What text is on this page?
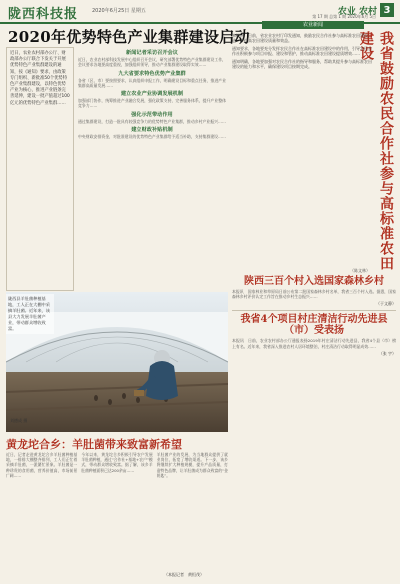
陇西科技报	2020年6月25日 星期五	农业 农村 3
第 17 期 总第 1 期 2020年6月 5日
2020年优势特色产业集群建设启动
近日，农业农村部办公厅、财政部办公厅联合下发关于开展优势特色产业集群建设的通知，按《通知》要求，由政策专门组织、新批准50个优势特色产业集群建设，以特色优势产业为核心，推进产业链条完善延伸，建设一批产值超过100亿元的优势特色产业集群……
新闻记者采访召开会议
近日，农业农村部科技发展中心组织召开会议，研究部署优势特色产业集群建设工作，会议要求各地要高度重视，加强组织领导，推动产业集群建设取得实效……
九大省要求特色优势产业集群
各省（区、市）要按照要求，认真组织申报工作，明确建设目标和重点任务，推进产业集群高质量发展……
建立农业产业协调发展机制
加强部门协作，统筹推进产业融合发展，强化政策支持，完善服务体系，提升产业整体竞争力……
强化示范带动作用
通过集群建设，打造一批具有较强竞争力的优势特色产业集群，推动乡村产业振兴……
建立财政补贴机制
中央财政安排资金，对批准建设的优势特色产业集群给予适当补助，支持集群建设……
农业新闻
我省鼓励农民合作社参与高标准农田建设

本报讯　日前，省农业农村厅印发通知，鼓励农民合作社参与高标准农田建设，进一步提高农田建设质量和效益。

通知要求，各地要充分发挥农民合作社在高标准农田建设中的作用，引导农民合作社积极参与项目申报、建设和管护，推动高标准农田建设提质增效……

通知明确，各地要加强对农民合作社的指导和服务，帮助其提升参与高标准农田建设的能力和水平，确保建设项目按期完成。

（陈文林）
陇西县羊肚菌种植基地，工人正在大棚中采摘羊肚菌。近年来，该县大力发展羊肚菌产业，带动群众增收致富。
刘德成 摄
黄龙坨合乡：羊肚菌带来致富新希望
近日，记者走进黄龙坨合乡羊肚菌种植基地，一排排大棚整齐排列，工人们正忙着采摘羊肚菌，一派繁忙景象。羊肚菌是一种珍贵的食用菌，营养价值高，市场前景广阔……
今年以来，黄龙坨合乡积极引导农户发展羊肚菌种植，通过“合作社+基地+农户”模式，带动群众增收致富。据了解，该乡羊肚菌种植面积已达200余亩……
羊肚菌产业的发展，为当地群众提供了就业岗位，拓宽了增收渠道。下一步，该乡将继续扩大种植规模，提升产品质量，打造特色品牌，让羊肚菌成为群众致富的“金钥匙”。
（本报记者　黄恒茂）
陕西三百个村入选国家森林乡村
本报讯　国家林业和草原局日前公布第二批国家森林乡村名单，我省三百个村入选。据悉，国家森林乡村评价认定工作旨在推动乡村生态振兴……
（于文静）
我省4个项目村庄清洁行动先进县（市）受表扬
本报讯　日前，农业农村部办公厅通报表扬2019年村庄清洁行动先进县，我省4个县（市）榜上有名。近年来，我省深入推进农村人居环境整治，村庄清洁行动取得明显成效……
（张 宇）
